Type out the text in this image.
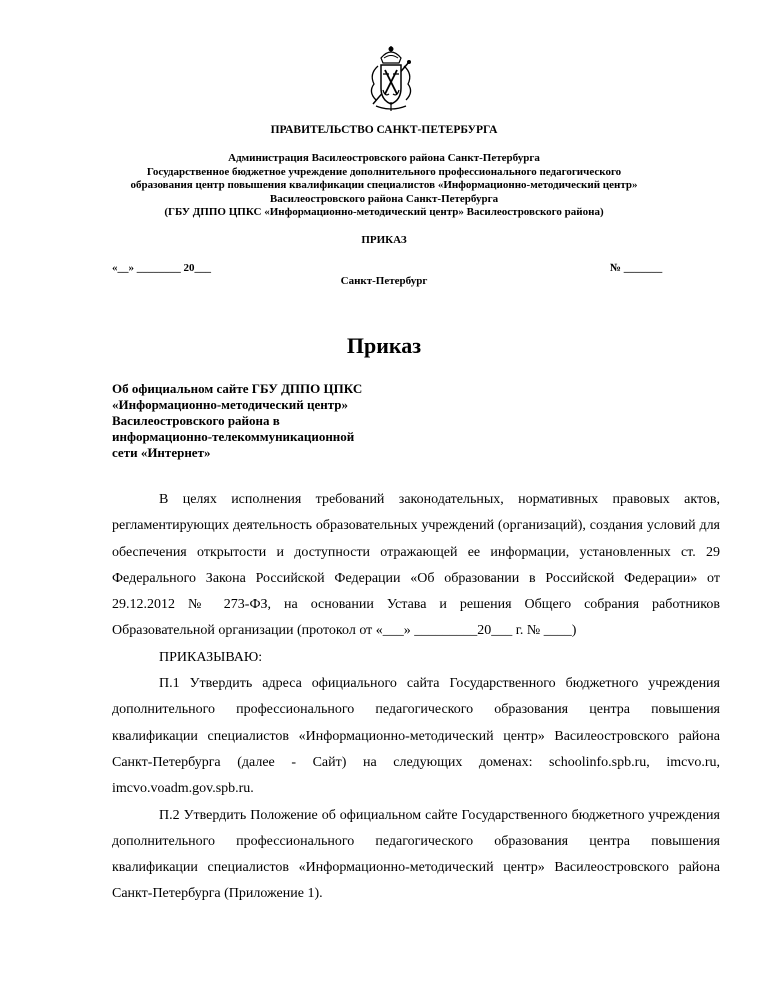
ПРАВИТЕЛЬСТВО САНКТ-ПЕТЕРБУРГА
Администрация Василеостровского района Санкт-Петербурга
Государственное бюджетное учреждение дополнительного профессионального педагогического
образования центр повышения квалификации специалистов «Информационно-методический центр»
Василеостровского района Санкт-Петербурга
(ГБУ ДППО ЦПКС «Информационно-методический центр» Василеостровского района)
ПРИКАЗ
«__» ________ 20___	№ _______
Санкт-Петербург
Приказ
Об официальном сайте ГБУ ДППО ЦПКС
«Информационно-методический центр»
Василеостровского района в
информационно-телекоммуникационной
сети «Интернет»

В целях исполнения требований законодательных, нормативных правовых актов, регламентирующих деятельность образовательных учреждений (организаций), создания условий для обеспечения открытости и доступности отражающей ее информации, установленных ст. 29 Федерального Закона Российской Федерации «Об образовании в Российской Федерации» от 29.12.2012 № 273-ФЗ, на основании Устава и решения Общего собрания работников Образовательной организации (протокол от «___» _________20___ г. № ____)

ПРИКАЗЫВАЮ:

П.1 Утвердить адреса официального сайта Государственного бюджетного учреждения дополнительного профессионального педагогического образования центра повышения квалификации специалистов «Информационно-методический центр» Василеостровского района Санкт-Петербурга (далее - Сайт) на следующих доменах: schoolinfo.spb.ru, imcvo.ru, imcvo.voadm.gov.spb.ru.

П.2 Утвердить Положение об официальном сайте Государственного бюджетного учреждения дополнительного профессионального педагогического образования центра повышения квалификации специалистов «Информационно-методический центр» Василеостровского района Санкт-Петербурга (Приложение 1).
